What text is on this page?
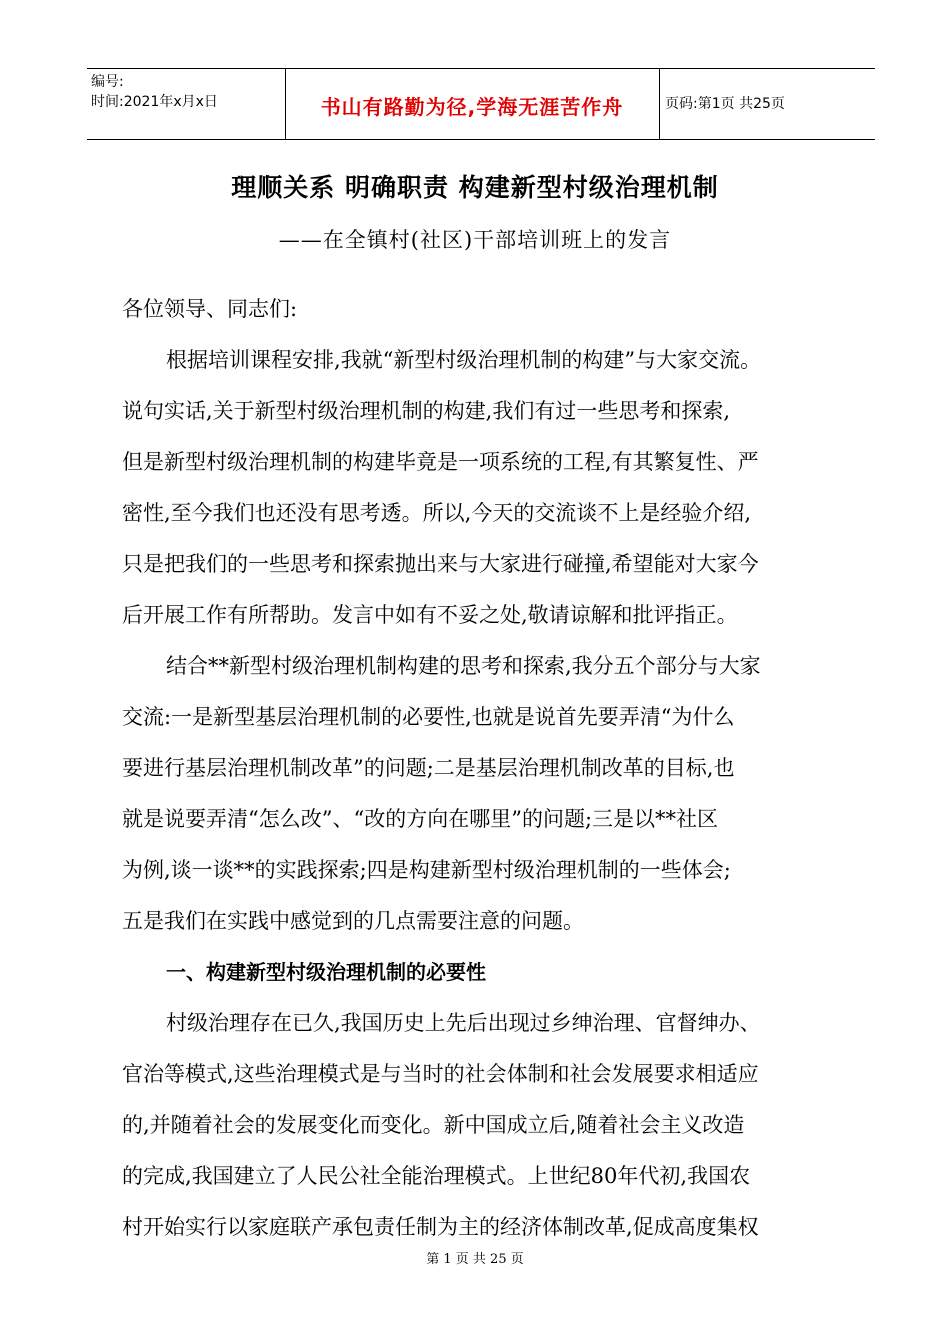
编号:
时间:2021年x月x日	书山有路勤为径,学海无涯苦作舟	页码:第1页 共25页
理顺关系 明确职责 构建新型村级治理机制
——在全镇村(社区)干部培训班上的发言
各位领导、同志们:
根据培训课程安排,我就“新型村级治理机制的构建”与大家交流。
说句实话,关于新型村级治理机制的构建,我们有过一些思考和探索,
但是新型村级治理机制的构建毕竟是一项系统的工程,有其繁复性、严
密性,至今我们也还没有思考透。所以,今天的交流谈不上是经验介绍,
只是把我们的一些思考和探索抛出来与大家进行碰撞,希望能对大家今
后开展工作有所帮助。发言中如有不妥之处,敬请谅解和批评指正。
结合**新型村级治理机制构建的思考和探索,我分五个部分与大家
交流:一是新型基层治理机制的必要性,也就是说首先要弄清“为什么
要进行基层治理机制改革”的问题;二是基层治理机制改革的目标,也
就是说要弄清“怎么改”、“改的方向在哪里”的问题;三是以**社区
为例,谈一谈**的实践探索;四是构建新型村级治理机制的一些体会;
五是我们在实践中感觉到的几点需要注意的问题。
一、构建新型村级治理机制的必要性
村级治理存在已久,我国历史上先后出现过乡绅治理、官督绅办、
官治等模式,这些治理模式是与当时的社会体制和社会发展要求相适应
的,并随着社会的发展变化而变化。新中国成立后,随着社会主义改造
的完成,我国建立了人民公社全能治理模式。上世纪80年代初,我国农
村开始实行以家庭联产承包责任制为主的经济体制改革,促成高度集权
第 1 页 共 25 页
